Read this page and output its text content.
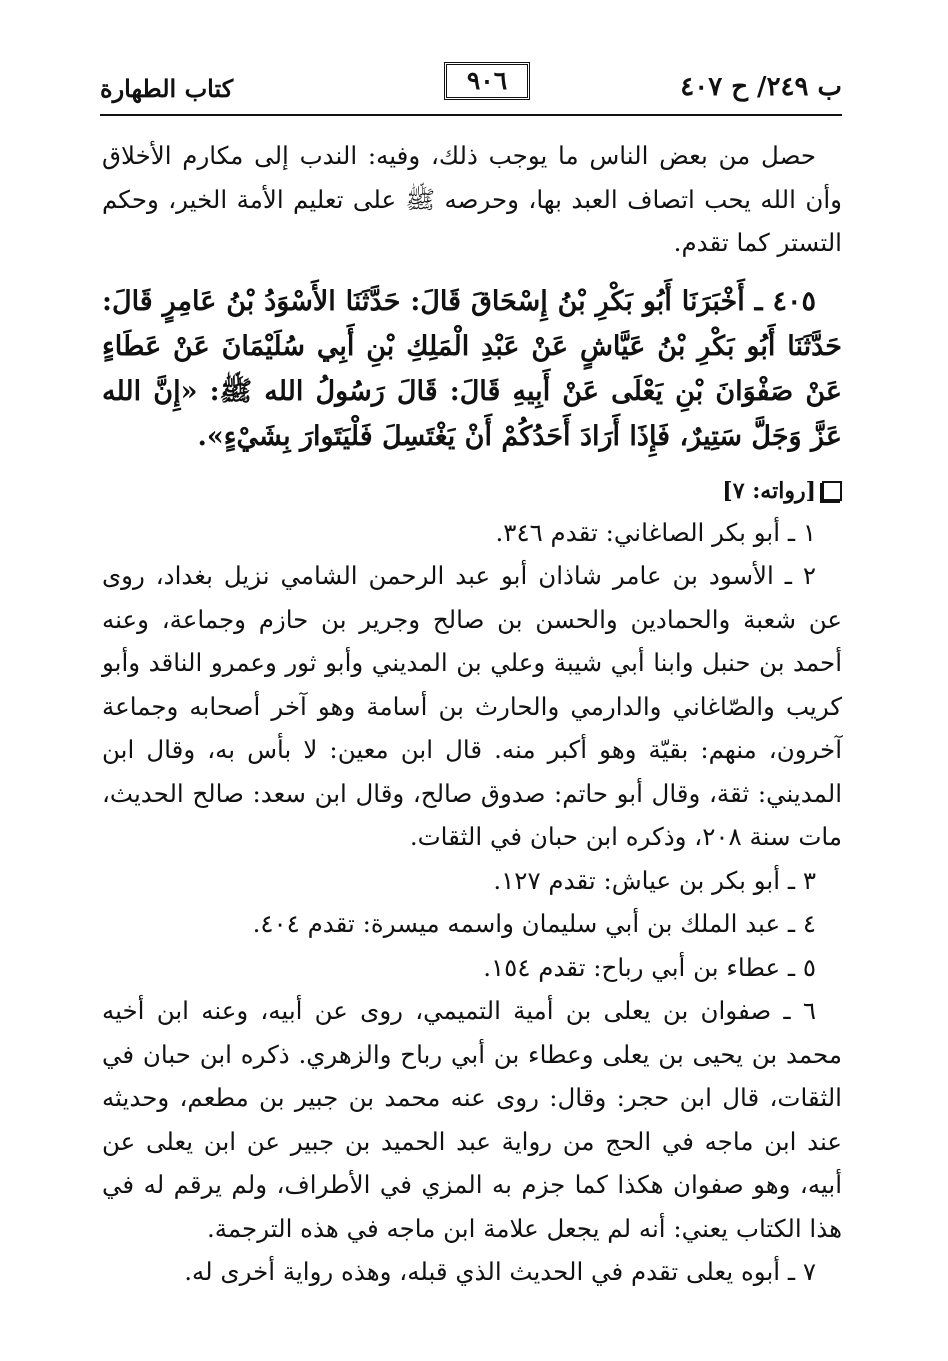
ب ٢٤٩/ ح ٤٠٧
٩٠٦
كتاب الطهارة

حصل من بعض الناس ما يوجب ذلك، وفيه: الندب إلى مكارم الأخلاق وأن الله يحب اتصاف العبد بها، وحرصه ﷺ على تعليم الأمة الخير، وحكم التستر كما تقدم.

٤٠٥ ـ أَخْبَرَنَا أَبُو بَكْرِ بْنُ إِسْحَاقَ قَالَ: حَدَّثَنَا الأَسْوَدُ بْنُ عَامِرٍ قَالَ: حَدَّثَنَا أَبُو بَكْرِ بْنُ عَيَّاشٍ عَنْ عَبْدِ الْمَلِكِ بْنِ أَبِي سُلَيْمَانَ عَنْ عَطَاءٍ عَنْ صَفْوَانَ بْنِ يَعْلَى عَنْ أَبِيهِ قَالَ: قَالَ رَسُولُ الله ﷺ: «إِنَّ الله عَزَّ وَجَلَّ سَتِيرٌ، فَإِذَا أَرَادَ أَحَدُكُمْ أَنْ يَغْتَسِلَ فَلْيَتَوارَ بِشَيْءٍ».

[رواته: ٧]

١ ـ أبو بكر الصاغاني: تقدم ٣٤٦.

٢ ـ الأسود بن عامر شاذان أبو عبد الرحمن الشامي نزيل بغداد، روى عن شعبة والحمادين والحسن بن صالح وجرير بن حازم وجماعة، وعنه أحمد بن حنبل وابنا أبي شيبة وعلي بن المديني وأبو ثور وعمرو الناقد وأبو كريب والصّاغاني والدارمي والحارث بن أسامة وهو آخر أصحابه وجماعة آخرون، منهم: بقيّة وهو أكبر منه. قال ابن معين: لا بأس به، وقال ابن المديني: ثقة، وقال أبو حاتم: صدوق صالح، وقال ابن سعد: صالح الحديث، مات سنة ٢٠٨، وذكره ابن حبان في الثقات.

٣ ـ أبو بكر بن عياش: تقدم ١٢٧.

٤ ـ عبد الملك بن أبي سليمان واسمه ميسرة: تقدم ٤٠٤.

٥ ـ عطاء بن أبي رباح: تقدم ١٥٤.

٦ ـ صفوان بن يعلى بن أمية التميمي، روى عن أبيه، وعنه ابن أخيه محمد بن يحيى بن يعلى وعطاء بن أبي رباح والزهري. ذكره ابن حبان في الثقات، قال ابن حجر: وقال: روى عنه محمد بن جبير بن مطعم، وحديثه عند ابن ماجه في الحج من رواية عبد الحميد بن جبير عن ابن يعلى عن أبيه، وهو صفوان هكذا كما جزم به المزي في الأطراف، ولم يرقم له في هذا الكتاب يعني: أنه لم يجعل علامة ابن ماجه في هذه الترجمة.

٧ ـ أبوه يعلى تقدم في الحديث الذي قبله، وهذه رواية أخرى له.
